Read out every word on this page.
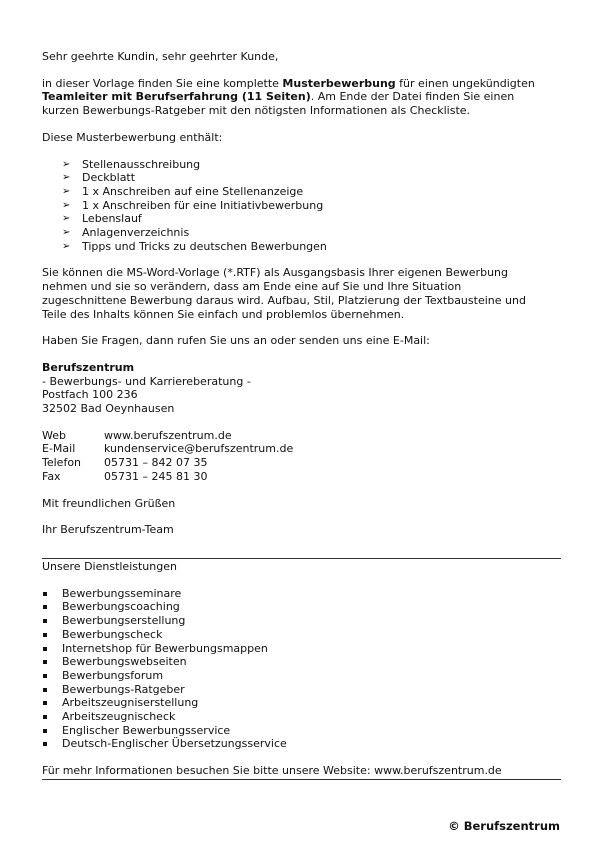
Sehr geehrte Kundin, sehr geehrter Kunde,

in dieser Vorlage finden Sie eine komplette Musterbewerbung für einen ungekündigten
Teamleiter mit Berufserfahrung (11 Seiten). Am Ende der Datei finden Sie einen
kurzen Bewerbungs-Ratgeber mit den nötigsten Informationen als Checkliste.

Diese Musterbewerbung enthält:

➢ Stellenausschreibung
➢ Deckblatt
➢ 1 x Anschreiben auf eine Stellenanzeige
➢ 1 x Anschreiben für eine Initiativbewerbung
➢ Lebenslauf
➢ Anlagenverzeichnis
➢ Tipps und Tricks zu deutschen Bewerbungen
Sie können die MS-Word-Vorlage (*.RTF) als Ausgangsbasis Ihrer eigenen Bewerbung
nehmen und sie so verändern, dass am Ende eine auf Sie und Ihre Situation
zugeschnittene Bewerbung daraus wird. Aufbau, Stil, Platzierung der Textbausteine und
Teile des Inhalts können Sie einfach und problemlos übernehmen.

Haben Sie Fragen, dann rufen Sie uns an oder senden uns eine E-Mail:

Berufszentrum
- Bewerbungs- und Karriereberatung -
Postfach 100 236
32502 Bad Oeynhausen
Web	www.berufszentrum.de
E-Mail	kundenservice@berufszentrum.de
Telefon	05731 – 842 07 35
Fax	05731 – 245 81 30

Mit freundlichen Grüßen

Ihr Berufszentrum-Team

Unsere Dienstleistungen

Bewerbungsseminare
Bewerbungscoaching
Bewerbungserstellung
Bewerbungscheck
Internetshop für Bewerbungsmappen
Bewerbungswebseiten
Bewerbungsforum
Bewerbungs-Ratgeber
Arbeitszeugniserstellung
Arbeitszeugnischeck
Englischer Bewerbungsservice
Deutsch-Englischer Übersetzungsservice

Für mehr Informationen besuchen Sie bitte unsere Website: www.berufszentrum.de

© Berufszentrum
